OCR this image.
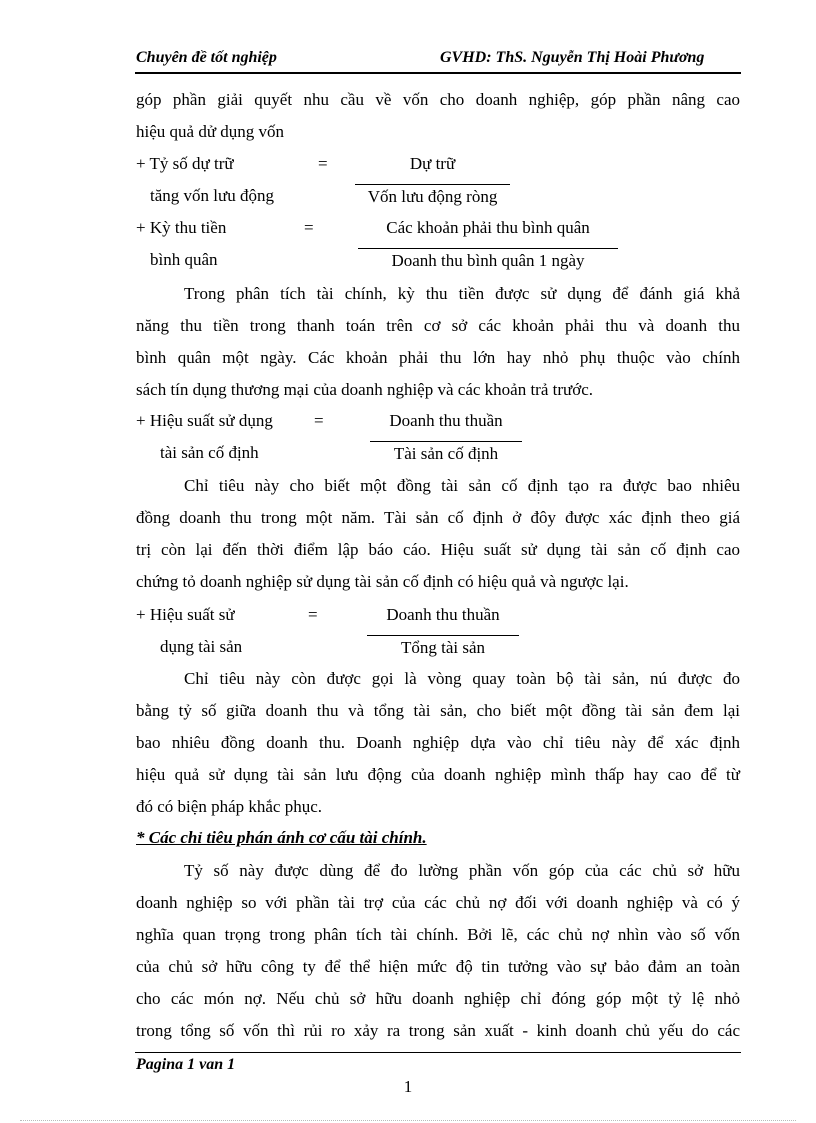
Chuyên đề tốt nghiệp	GVHD: ThS. Nguyễn Thị Hoài Phương
góp phần giải quyết nhu cầu về vốn cho doanh nghiệp, góp phần nâng cao
hiệu quả dử dụng vốn
+ Tỷ số dự trữ
tăng vốn lưu động
=	Dự trữ
Vốn lưu động ròng
+ Kỳ thu tiền
bình quân
=	Các khoản phải thu bình quân
Doanh thu bình quân 1 ngày
Trong phân tích tài chính, kỳ thu tiền được sử dụng để đánh giá khả
năng thu tiền trong thanh toán trên cơ sở các khoản phải thu và doanh thu
bình quân một ngày. Các khoản phải thu lớn hay nhỏ phụ thuộc vào chính
sách tín dụng thương mại của doanh nghiệp và các khoản trả trước.
+ Hiệu suất sử dụng
tài sản cố định
=	Doanh thu thuần
Tài sản cố định
Chỉ tiêu này cho biết một đồng tài sản cố định tạo ra được bao nhiêu
đồng doanh thu trong một năm. Tài sản cố định ở đôy được xác định theo giá
trị còn lại đến thời điểm lập báo cáo. Hiệu suất sử dụng tài sản cố định cao
chứng tỏ doanh nghiệp sử dụng tài sản cố định có hiệu quả và ngược lại.
+ Hiệu suất sử
dụng tài sản
=	Doanh thu thuần
Tổng tài sản
Chỉ tiêu này còn được gọi là vòng quay toàn bộ tài sản, nú được đo
bằng tỷ số giữa doanh thu và tổng tài sản, cho biết một đồng tài sản đem lại
bao nhiêu đồng doanh thu. Doanh nghiệp dựa vào chỉ tiêu này để xác định
hiệu quả sử dụng tài sản lưu động của doanh nghiệp mình thấp hay cao để từ
đó có biện pháp khắc phục.
* Các chỉ tiêu phán ánh cơ cấu tài chính.
Tỷ số này được dùng để đo lường phần vốn góp của các chủ sở hữu
doanh nghiệp so với phần tài trợ của các chủ nợ đối với doanh nghiệp và có ý
nghĩa quan trọng trong phân tích tài chính. Bởi lẽ, các chủ nợ nhìn vào số vốn
của chủ sở hữu công ty để thể hiện mức độ tin tưởng vào sự bảo đảm an toàn
cho các món nợ. Nếu chủ sở hữu doanh nghiệp chỉ đóng góp một tỷ lệ nhỏ
trong tổng số vốn thì rủi ro xảy ra trong sản xuất - kinh doanh chủ yếu do các
Pagina 1 van 1
1
